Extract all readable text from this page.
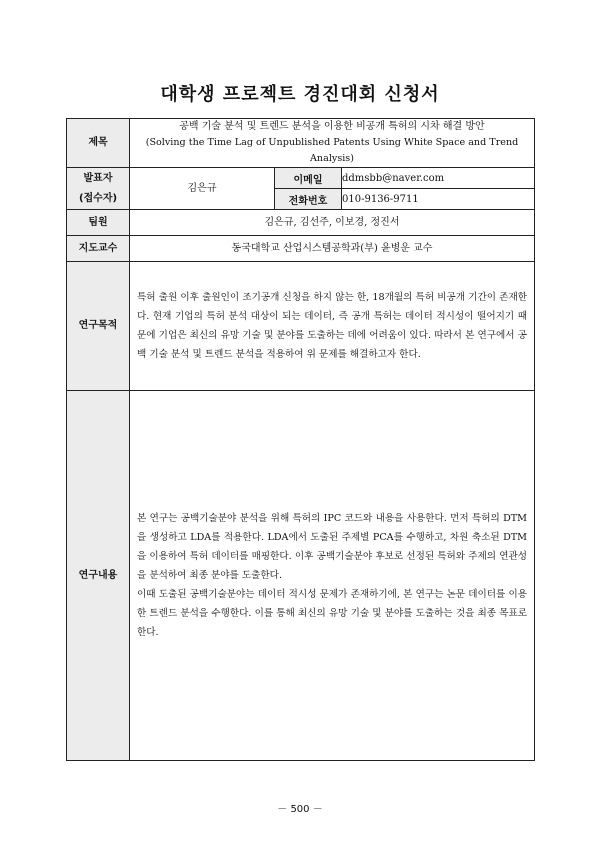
대학생 프로젝트 경진대회 신청서
제목	공백 기술 분석 및 트렌드 분석을 이용한 비공개 특허의 시차 해결 방안
(Solving the Time Lag of Unpublished Patents Using White Space and Trend Analysis)		

발표자
(접수자)	김은규	이메일	ddmsbb@naver.com
		전화번호	010-9136-9711
팀원	김은규, 김선주, 이보경, 정진서		
지도교수	동국대학교 산업시스템공학과(부) 윤병운 교수		
연구목적	특허 출원 이후 출원인이 조기공개 신청을 하지 않는 한, 18개월의 특허 비공개 기간이 존재한다. 현재 기업의 특허 분석 대상이 되는 데이터, 즉 공개 특허는 데이터 적시성이 떨어지기 때문에 기업은 최신의 유망 기술 및 분야를 도출하는 데에 어려움이 있다. 따라서 본 연구에서 공백 기술 분석 및 트렌드 분석을 적용하여 위 문제를 해결하고자 한다.		

연구내용	본 연구는 공백기술분야 분석을 위해 특허의 IPC 코드와 내용을 사용한다. 먼저 특허의 DTM을 생성하고 LDA를 적용한다. LDA에서 도출된 주제별 PCA를 수행하고, 차원 축소된 DTM을 이용하여 특허 데이터를 매핑한다. 이후 공백기술분야 후보로 선정된 특허와 주제의 연관성을 분석하여 최종 분야를 도출한다.
이때 도출된 공백기술분야는 데이터 적시성 문제가 존재하기에, 본 연구는 논문 데이터를 이용한 트렌드 분석을 수행한다. 이를 통해 최신의 유망 기술 및 분야를 도출하는 것을 최종 목표로 한다.		
－ 500 －
